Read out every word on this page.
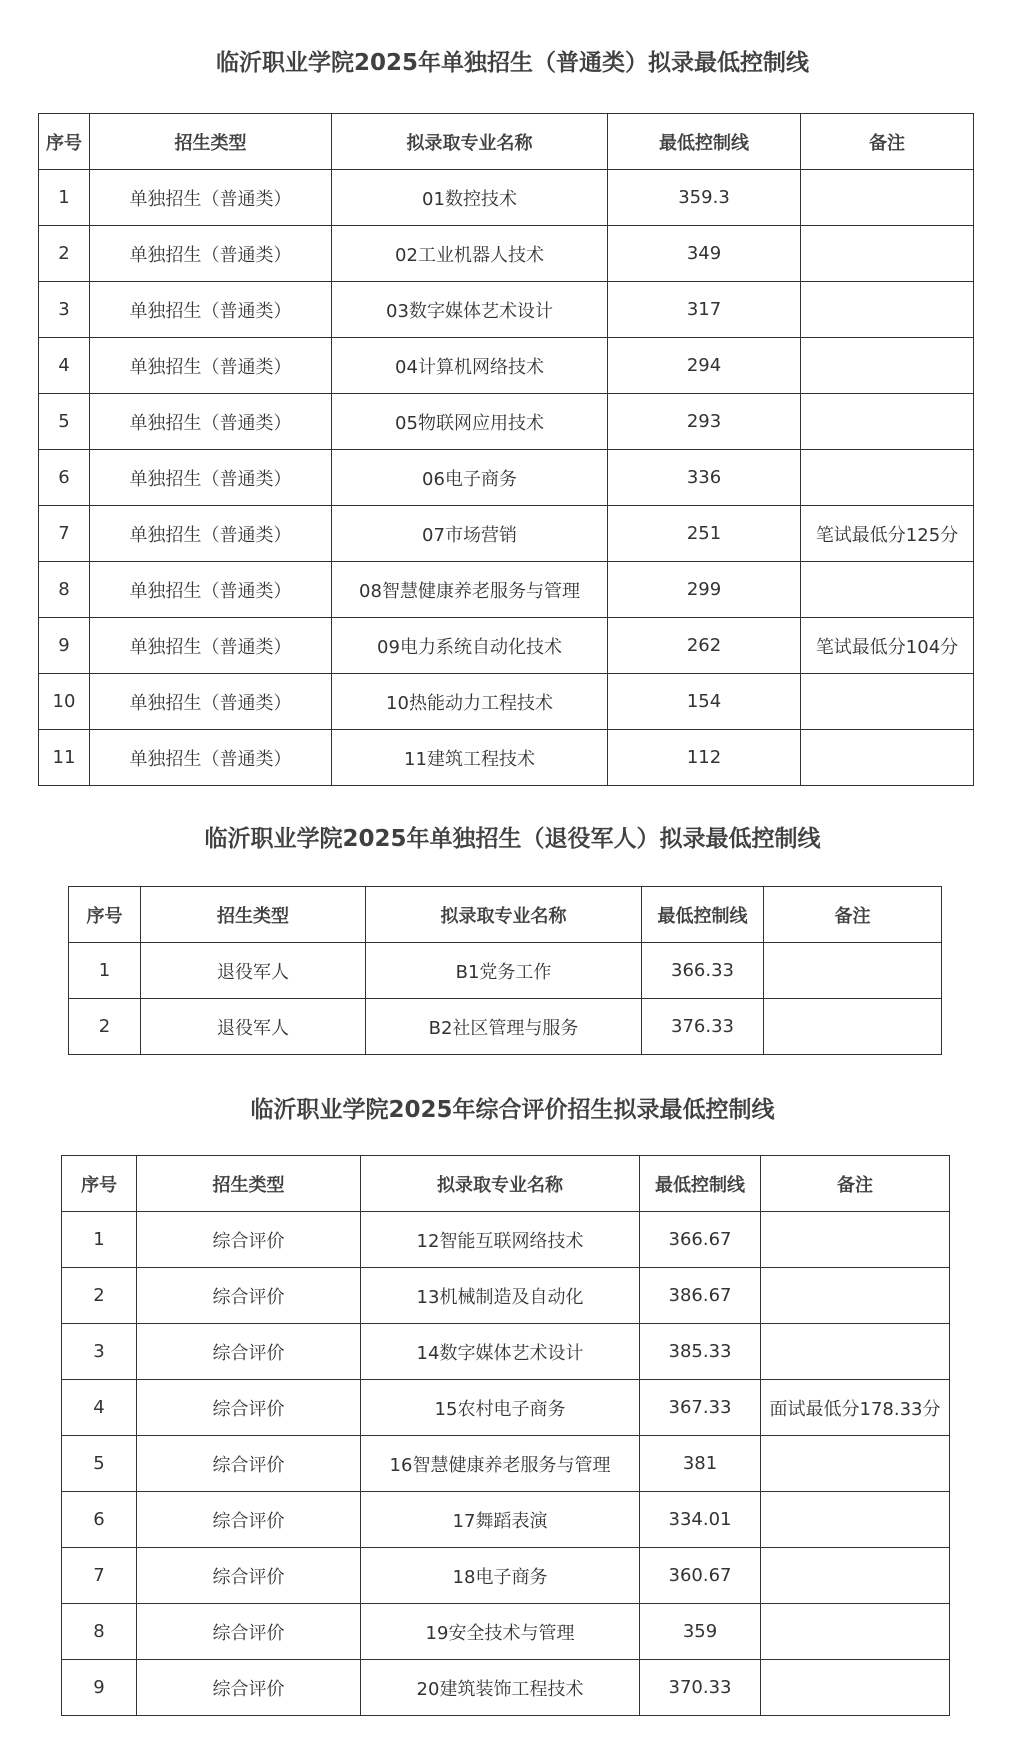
临沂职业学院2025年单独招生（普通类）拟录最低控制线
序号	招生类型	拟录取专业名称	最低控制线	备注
1	单独招生（普通类）	01数控技术	359.3	
2	单独招生（普通类）	02工业机器人技术	349	
3	单独招生（普通类）	03数字媒体艺术设计	317	
4	单独招生（普通类）	04计算机网络技术	294	
5	单独招生（普通类）	05物联网应用技术	293	
6	单独招生（普通类）	06电子商务	336	
7	单独招生（普通类）	07市场营销	251	笔试最低分125分
8	单独招生（普通类）	08智慧健康养老服务与管理	299	
9	单独招生（普通类）	09电力系统自动化技术	262	笔试最低分104分
10	单独招生（普通类）	10热能动力工程技术	154	
11	单独招生（普通类）	11建筑工程技术	112	
临沂职业学院2025年单独招生（退役军人）拟录最低控制线
序号	招生类型	拟录取专业名称	最低控制线	备注
1	退役军人	B1党务工作	366.33	
2	退役军人	B2社区管理与服务	376.33	
临沂职业学院2025年综合评价招生拟录最低控制线
序号	招生类型	拟录取专业名称	最低控制线	备注
1	综合评价	12智能互联网络技术	366.67	
2	综合评价	13机械制造及自动化	386.67	
3	综合评价	14数字媒体艺术设计	385.33	
4	综合评价	15农村电子商务	367.33	面试最低分178.33分
5	综合评价	16智慧健康养老服务与管理	381	
6	综合评价	17舞蹈表演	334.01	
7	综合评价	18电子商务	360.67	
8	综合评价	19安全技术与管理	359	
9	综合评价	20建筑装饰工程技术	370.33	
